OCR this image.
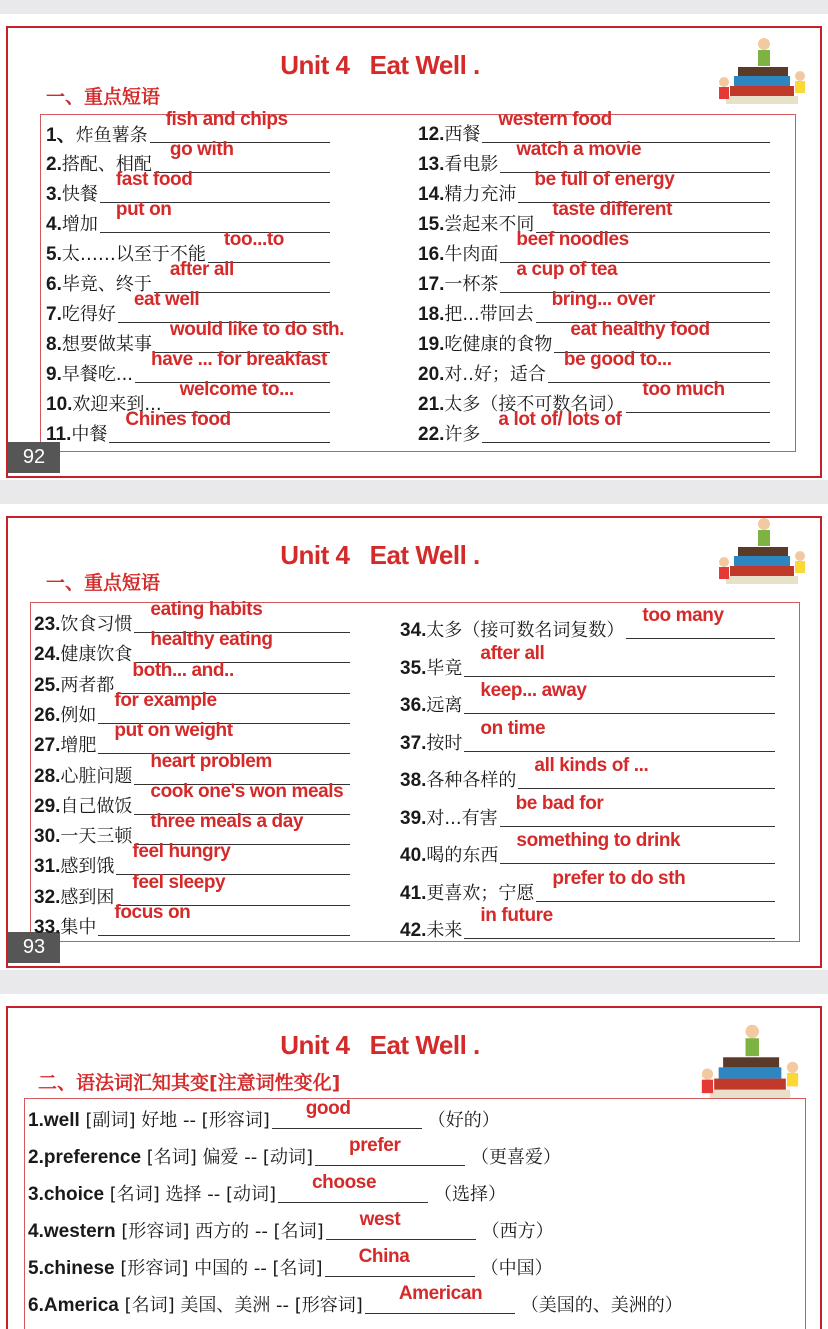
Unit 4   Eat Well .
一、重点短语
92
1、炸鱼薯条
fish and chips
2.搭配、相配
go with
3.快餐
fast food
4.增加
put on
5.太……以至于不能
too...to
6.毕竟、终于
after all
7.吃得好
eat well
8.想要做某事
would like to do sth.
9.早餐吃...
have ... for breakfast
10.欢迎来到...
welcome to...
11.中餐
Chines food
12.西餐
western food
13.看电影
watch a movie
14.精力充沛
be full of energy
15.尝起来不同
taste different
16.牛肉面
beef noodles
17.一杯茶
a cup of tea
18.把...带回去
bring... over
19.吃健康的食物
eat healthy food
20.对..好；适合
be good to...
21.太多（接不可数名词）
too much
22.许多
a lot of/ lots of
Unit 4   Eat Well .
一、重点短语
93
23.饮食习惯
eating habits
24.健康饮食
healthy eating
25.两者都
both... and..
26.例如
for example
27.增肥
put on weight
28.心脏问题
heart problem
29.自己做饭
cook one's won meals
30.一天三顿
three meals a day
31.感到饿
feel hungry
32.感到困
feel sleepy
33.集中
focus on
34.太多（接可数名词复数）
too many
35.毕竟
after all
36.远离
keep... away
37.按时
on time
38.各种各样的
all kinds of ...
39.对...有害
be bad for
40.喝的东西
something to drink
41.更喜欢；宁愿
prefer to do sth
42.未来
in future
Unit 4   Eat Well .
二、语法词汇知其变[注意词性变化]
1.well [副词] 好地 -- [形容词]
good
（好的）
2.preference [名词] 偏爱 -- [动词]
prefer
（更喜爱）
3.choice [名词] 选择 -- [动词]
choose
（选择）
4.western [形容词] 西方的 -- [名词]
west
（西方）
5.chinese [形容词] 中国的 -- [名词]
China
（中国）
6.America [名词] 美国、美洲 -- [形容词]
American
（美国的、美洲的）
